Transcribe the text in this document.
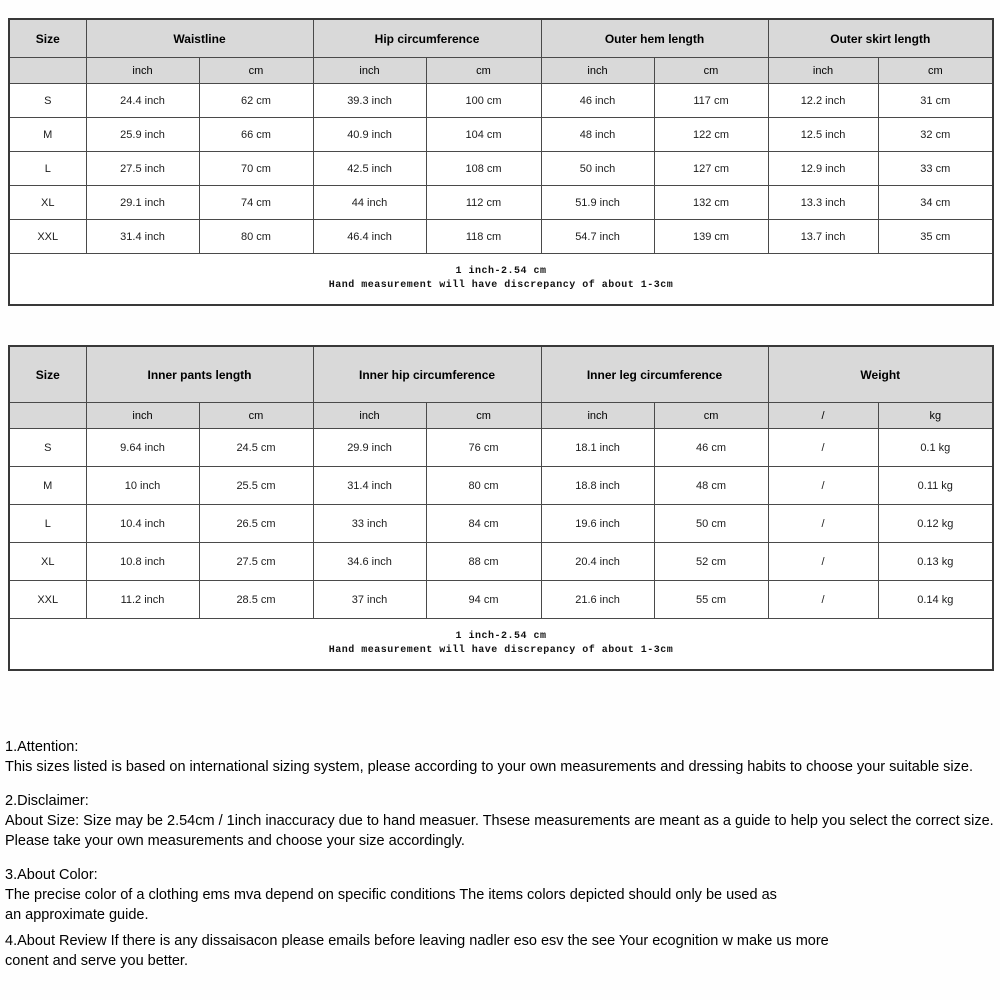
Size	Waistline		Hip circumference		Outer hem length		Outer skirt length	
	inch	cm	inch	cm	inch	cm	inch	cm
S	24.4 inch	62 cm	39.3 inch	100 cm	46 inch	117 cm	12.2 inch	31 cm
M	25.9 inch	66 cm	40.9 inch	104 cm	48 inch	122 cm	12.5 inch	32 cm
L	27.5 inch	70 cm	42.5 inch	108 cm	50 inch	127 cm	12.9 inch	33 cm
XL	29.1 inch	74 cm	44 inch	112 cm	51.9 inch	132 cm	13.3 inch	34 cm
XXL	31.4 inch	80 cm	46.4 inch	118 cm	54.7 inch	139 cm	13.7 inch	35 cm

1 inch-2.54 cm
Hand measurement will have discrepancy of about 1-3cm								
Size	Inner pants length		Inner hip circumference		Inner leg circumference		Weight	
	inch	cm	inch	cm	inch	cm	/	kg
S	9.64 inch	24.5 cm	29.9 inch	76 cm	18.1 inch	46 cm	/	0.1 kg
M	10 inch	25.5 cm	31.4 inch	80 cm	18.8 inch	48 cm	/	0.11 kg
L	10.4 inch	26.5 cm	33 inch	84 cm	19.6 inch	50 cm	/	0.12 kg
XL	10.8 inch	27.5 cm	34.6 inch	88 cm	20.4 inch	52 cm	/	0.13 kg
XXL	11.2 inch	28.5 cm	37 inch	94 cm	21.6 inch	55 cm	/	0.14 kg

1 inch-2.54 cm
Hand measurement will have discrepancy of about 1-3cm								
1.Attention:
This sizes listed is based on international sizing system, please according to your own measurements and dressing habits to choose your suitable size.
2.Disclaimer:
About Size: Size may be 2.54cm / 1inch inaccuracy due to hand measuer. Thsese measurements are meant as a guide to help you select the correct size.
Please take your own measurements and choose your size accordingly.
3.About Color:
The precise color of a clothing ems mva depend on specific conditions The items colors depicted should only be used as
an approximate guide.
4.About Review If there is any dissaisacon please emails before leaving nadler eso esv the see Your ecognition w make us more
conent and serve you better.
